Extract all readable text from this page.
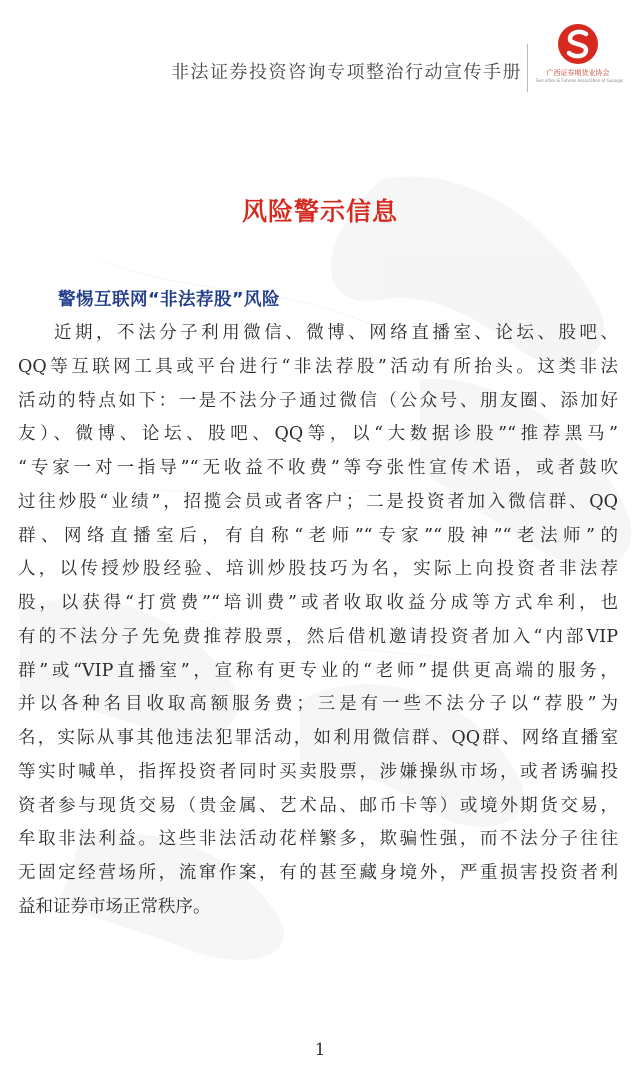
非法证券投资咨询专项整治行动宣传手册	广西证券期货业协会
Securities & Futures Association of Guangxi
风险警示信息
警惕互联网“非法荐股”风险
近期，不法分子利用微信、微博、网络直播室、论坛、股吧、
QQ等互联网工具或平台进行“非法荐股”活动有所抬头。这类非法
活动的特点如下：一是不法分子通过微信（公众号、朋友圈、添加好
友）、微博、论坛、股吧、QQ等，以“大数据诊股”“推荐黑马”
“专家一对一指导”“无收益不收费”等夸张性宣传术语，或者鼓吹
过往炒股“业绩”，招揽会员或者客户；二是投资者加入微信群、QQ
群、网络直播室后，有自称“老师”“专家”“股神”“老法师”的
人，以传授炒股经验、培训炒股技巧为名，实际上向投资者非法荐
股，以获得“打赏费”“培训费”或者收取收益分成等方式牟利，也
有的不法分子先免费推荐股票，然后借机邀请投资者加入“内部VIP
群”或“VIP直播室”，宣称有更专业的“老师”提供更高端的服务，
并以各种名目收取高额服务费；三是有一些不法分子以“荐股”为
名，实际从事其他违法犯罪活动，如利用微信群、QQ群、网络直播室
等实时喊单，指挥投资者同时买卖股票，涉嫌操纵市场，或者诱骗投
资者参与现货交易（贵金属、艺术品、邮币卡等）或境外期货交易，
牟取非法利益。这些非法活动花样繁多，欺骗性强，而不法分子往往
无固定经营场所，流窜作案，有的甚至藏身境外，严重损害投资者利
益和证券市场正常秩序。
1
